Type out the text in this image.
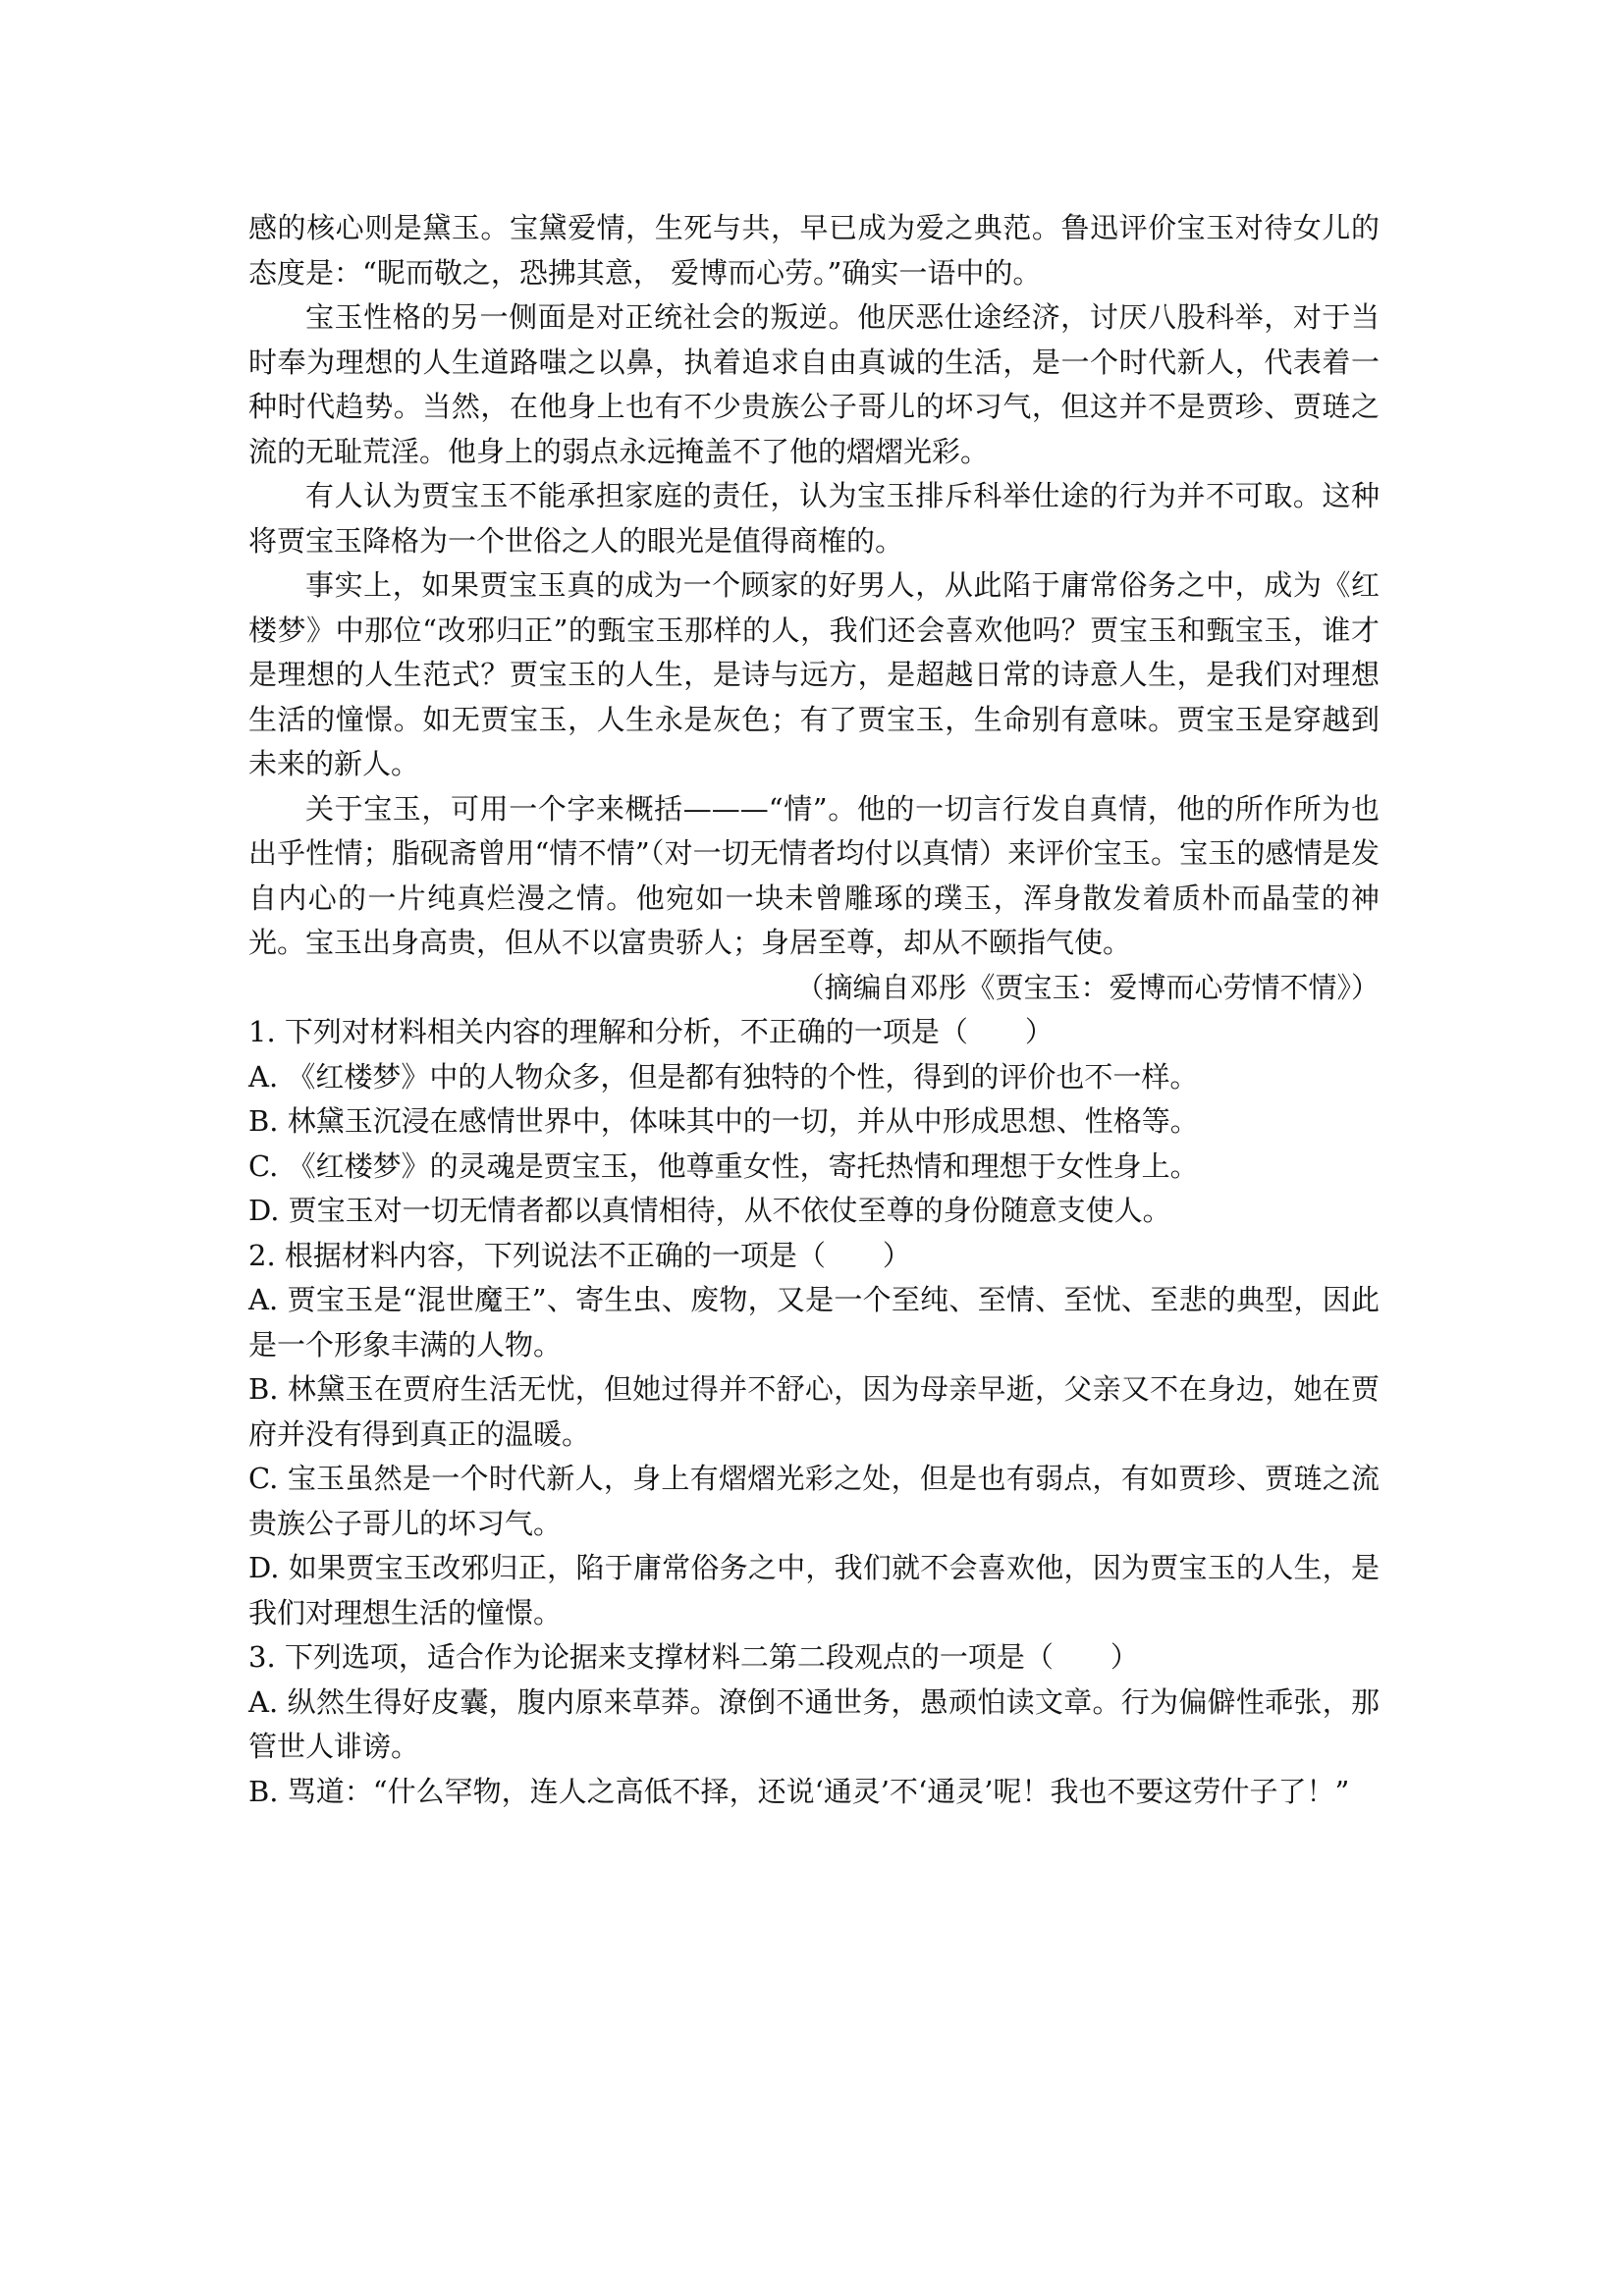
感的核心则是黛玉。宝黛爱情，生死与共，早已成为爱之典范。鲁迅评价宝玉对待女儿的态度是：“昵而敬之，恐拂其意， 爱博而心劳。”确实一语中的。

宝玉性格的另一侧面是对正统社会的叛逆。他厌恶仕途经济，讨厌八股科举，对于当时奉为理想的人生道路嗤之以鼻，执着追求自由真诚的生活，是一个时代新人，代表着一种时代趋势。当然，在他身上也有不少贵族公子哥儿的坏习气，但这并不是贾珍、贾琏之流的无耻荒淫。他身上的弱点永远掩盖不了他的熠熠光彩。

有人认为贾宝玉不能承担家庭的责任，认为宝玉排斥科举仕途的行为并不可取。这种将贾宝玉降格为一个世俗之人的眼光是值得商榷的。

事实上，如果贾宝玉真的成为一个顾家的好男人，从此陷于庸常俗务之中，成为《红楼梦》中那位“改邪归正”的甄宝玉那样的人，我们还会喜欢他吗？贾宝玉和甄宝玉，谁才是理想的人生范式？贾宝玉的人生，是诗与远方，是超越日常的诗意人生，是我们对理想生活的憧憬。如无贾宝玉，人生永是灰色；有了贾宝玉，生命别有意味。贾宝玉是穿越到未来的新人。

关于宝玉，可用一个字来概括———“情”。他的一切言行发自真情，他的所作所为也出乎性情；脂砚斋曾用“情不情”（对一切无情者均付以真情）来评价宝玉。宝玉的感情是发自内心的一片纯真烂漫之情。他宛如一块未曾雕琢的璞玉，浑身散发着质朴而晶莹的神光。宝玉出身高贵，但从不以富贵骄人；身居至尊，却从不颐指气使。

（摘编自邓彤《贾宝玉：爱博而心劳情不情》）

1. 下列对材料相关内容的理解和分析，不正确的一项是（　　）

A. 《红楼梦》中的人物众多，但是都有独特的个性，得到的评价也不一样。

B. 林黛玉沉浸在感情世界中，体味其中的一切，并从中形成思想、性格等。

C. 《红楼梦》的灵魂是贾宝玉，他尊重女性，寄托热情和理想于女性身上。

D. 贾宝玉对一切无情者都以真情相待，从不依仗至尊的身份随意支使人。

2. 根据材料内容，下列说法不正确的一项是（　　）

A. 贾宝玉是“混世魔王”、寄生虫、废物，又是一个至纯、至情、至忧、至悲的典型，因此是一个形象丰满的人物。

B. 林黛玉在贾府生活无忧，但她过得并不舒心，因为母亲早逝，父亲又不在身边，她在贾府并没有得到真正的温暖。

C. 宝玉虽然是一个时代新人，身上有熠熠光彩之处，但是也有弱点，有如贾珍、贾琏之流贵族公子哥儿的坏习气。

D. 如果贾宝玉改邪归正，陷于庸常俗务之中，我们就不会喜欢他，因为贾宝玉的人生，是我们对理想生活的憧憬。

3. 下列选项，适合作为论据来支撑材料二第二段观点的一项是（　　）

A. 纵然生得好皮囊，腹内原来草莽。潦倒不通世务，愚顽怕读文章。行为偏僻性乖张，那管世人诽谤。

B. 骂道：“什么罕物，连人之高低不择，还说‘通灵’不‘通灵’呢！我也不要这劳什子了！”
